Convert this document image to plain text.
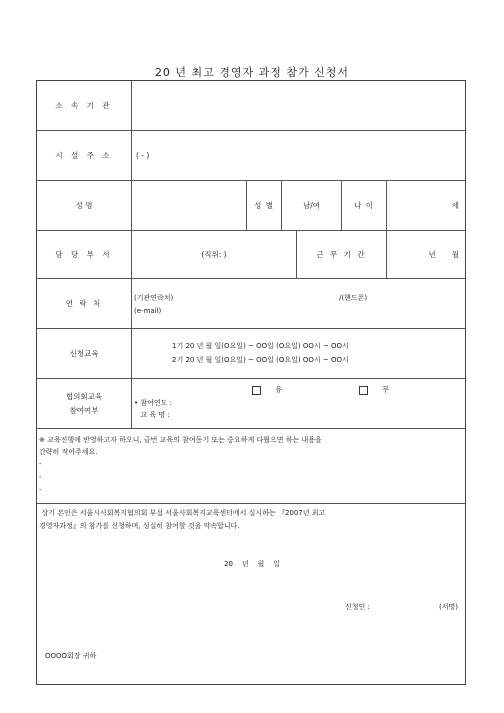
20 년 최고 경영자 과정 참가 신청서
소 속 기 관
시 설 주 소	( - )
성 명	성 별	남/여	나 이	세
담 당 부 서	(직위: )	근 무 기 간	년 월
연 락 처
(기관연락처)	/(핸드폰)
(e-mail)
신청교육
1기 20 년 월 일(O요일) ~ OO일 (O요일) OO시 ~ OO시
2기 20 년 월 일(O요일) ~ OO일 (O요일) OO시 ~ OO시
협의회교육
참여여부
유	무
• 참여연도 :
교 육 명 :
※ 교육진행에 반영하고자 하오니, 금번 교육의 참여동기 또는 중요하게 다뤘으면 하는 내용을
간략히 적어주세요.
-
-
-
상기 본인은 서울시사회복지협의회 부설 서울사회복지교육센터에서 실시하는 『2007년 최고
경영자과정』의 참가를 신청하며, 성실히 참여할 것을 약속합니다.
20    년    월    일
신청인 :	(서명)
OOOO회장 귀하
